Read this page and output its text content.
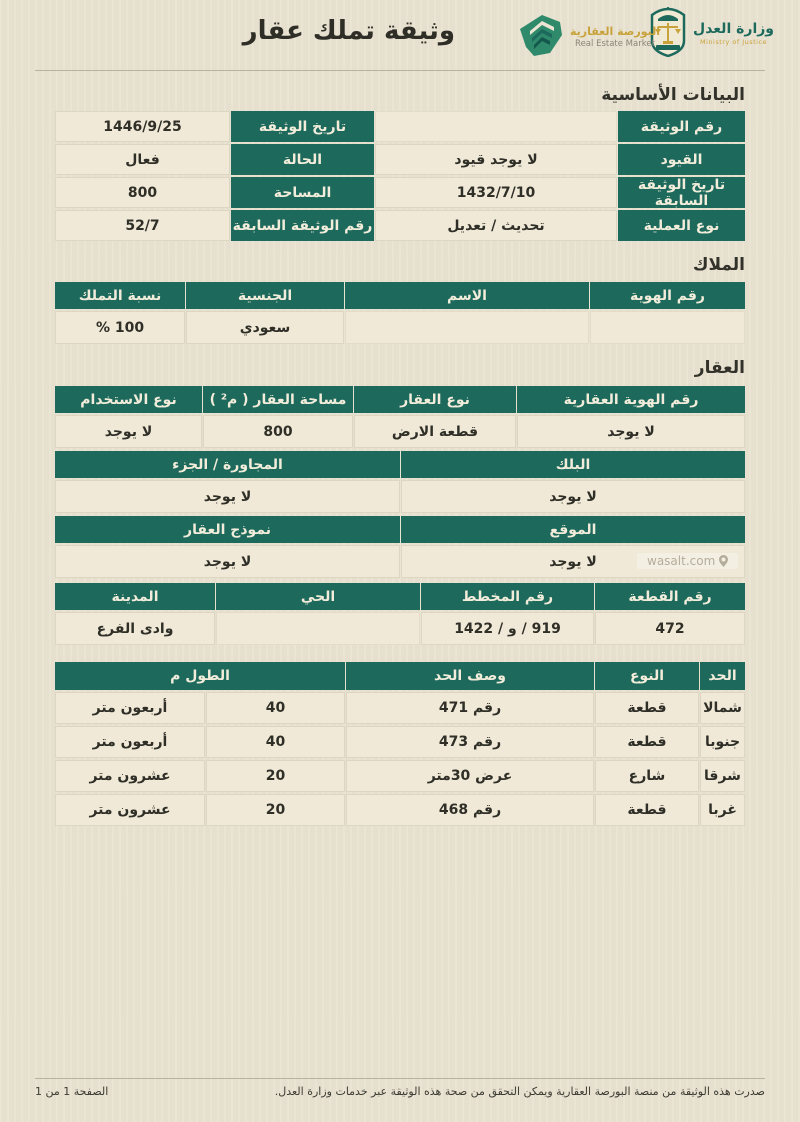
وزارة العدل
Ministry of Justice
البورصة العقارية
Real Estate Market
وثيقة تملك عقار
البيانات الأساسية
رقم الوثيقة
تاريخ الوثيقة
1446/9/25
القيود
لا يوجد قيود
الحالة
فعال
تاريخ الوثيقة السابقة
1432/7/10
المساحة
800
نوع العملية
تحديث / تعديل
رقم الوثيقة السابقة
52/7
الملاك
رقم الهوية
الاسم
الجنسية
نسبة التملك
سعودي
100 %
العقار
رقم الهوية العقارية
نوع العقار
مساحة العقار ( م² )
نوع الاستخدام
لا يوجد
قطعة الارض
800
لا يوجد
البلك
المجاورة / الجزء
لا يوجد
لا يوجد
الموقع
نموذج العقار
لا يوجد	wasalt.com
لا يوجد
رقم القطعة
رقم المخطط
الحي
المدينة
472
919 / و / 1422
وادى الفرع
الحد
النوع
وصف الحد
الطول م
شمالا
قطعة
رقم 471
40
أربعون متر
جنوبا
قطعة
رقم 473
40
أربعون متر
شرقا
شارع
عرض 30متر
20
عشرون متر
غربا
قطعة
رقم 468
20
عشرون متر
صدرت هذه الوثيقة من منصة البورصة العقارية ويمكن التحقق من صحة هذه الوثيقة عبر خدمات وزارة العدل.
الصفحة 1 من 1
